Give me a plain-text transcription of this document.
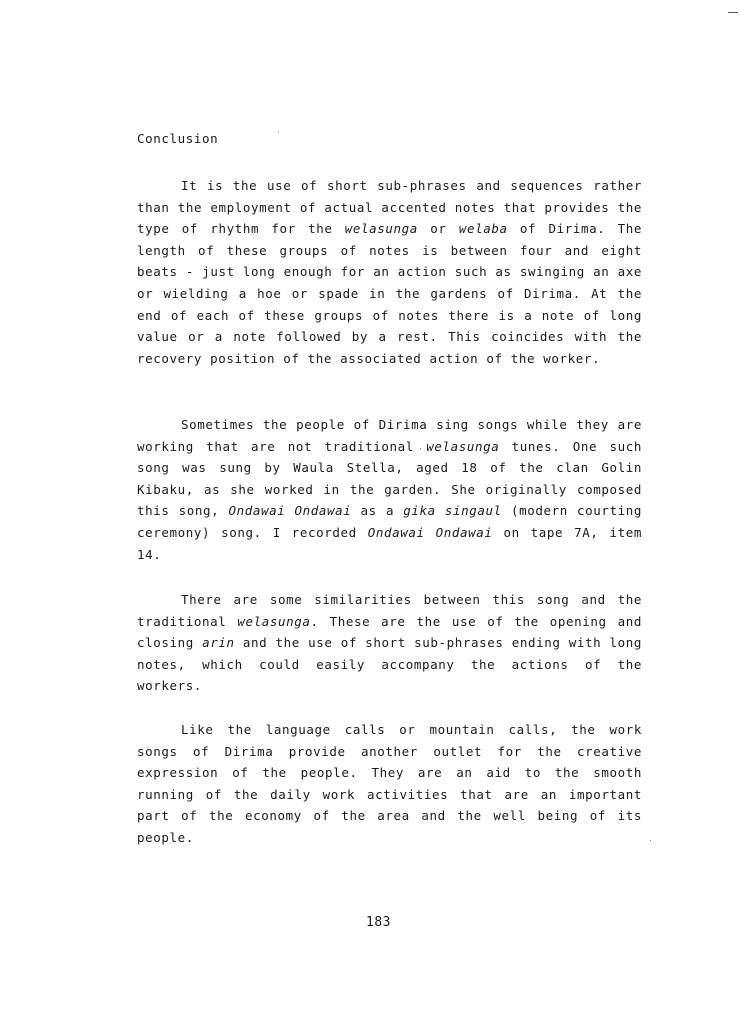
Conclusion

It is the use of short sub-phrases and sequences rather than the employment of actual accented notes that provides the type of rhythm for the welasunga or welaba of Dirima. The length of these groups of notes is between four and eight beats - just long enough for an action such as swinging an axe or wielding a hoe or spade in the gardens of Dirima. At the end of each of these groups of notes there is a note of long value or a note followed by a rest. This coincides with the recovery position of the associated action of the worker.

Sometimes the people of Dirima sing songs while they are working that are not traditional welasunga tunes. One such song was sung by Waula Stella, aged 18 of the clan Golin Kibaku, as she worked in the garden. She originally composed this song, Ondawai Ondawai as a gika singaul (modern courting ceremony) song. I recorded Ondawai Ondawai on tape 7A, item 14.

There are some similarities between this song and the traditional welasunga. These are the use of the opening and closing arin and the use of short sub-phrases ending with long notes, which could easily accompany the actions of the workers.

Like the language calls or mountain calls, the work songs of Dirima provide another outlet for the creative expression of the people. They are an aid to the smooth running of the daily work activities that are an important part of the economy of the area and the well being of its people.

183
